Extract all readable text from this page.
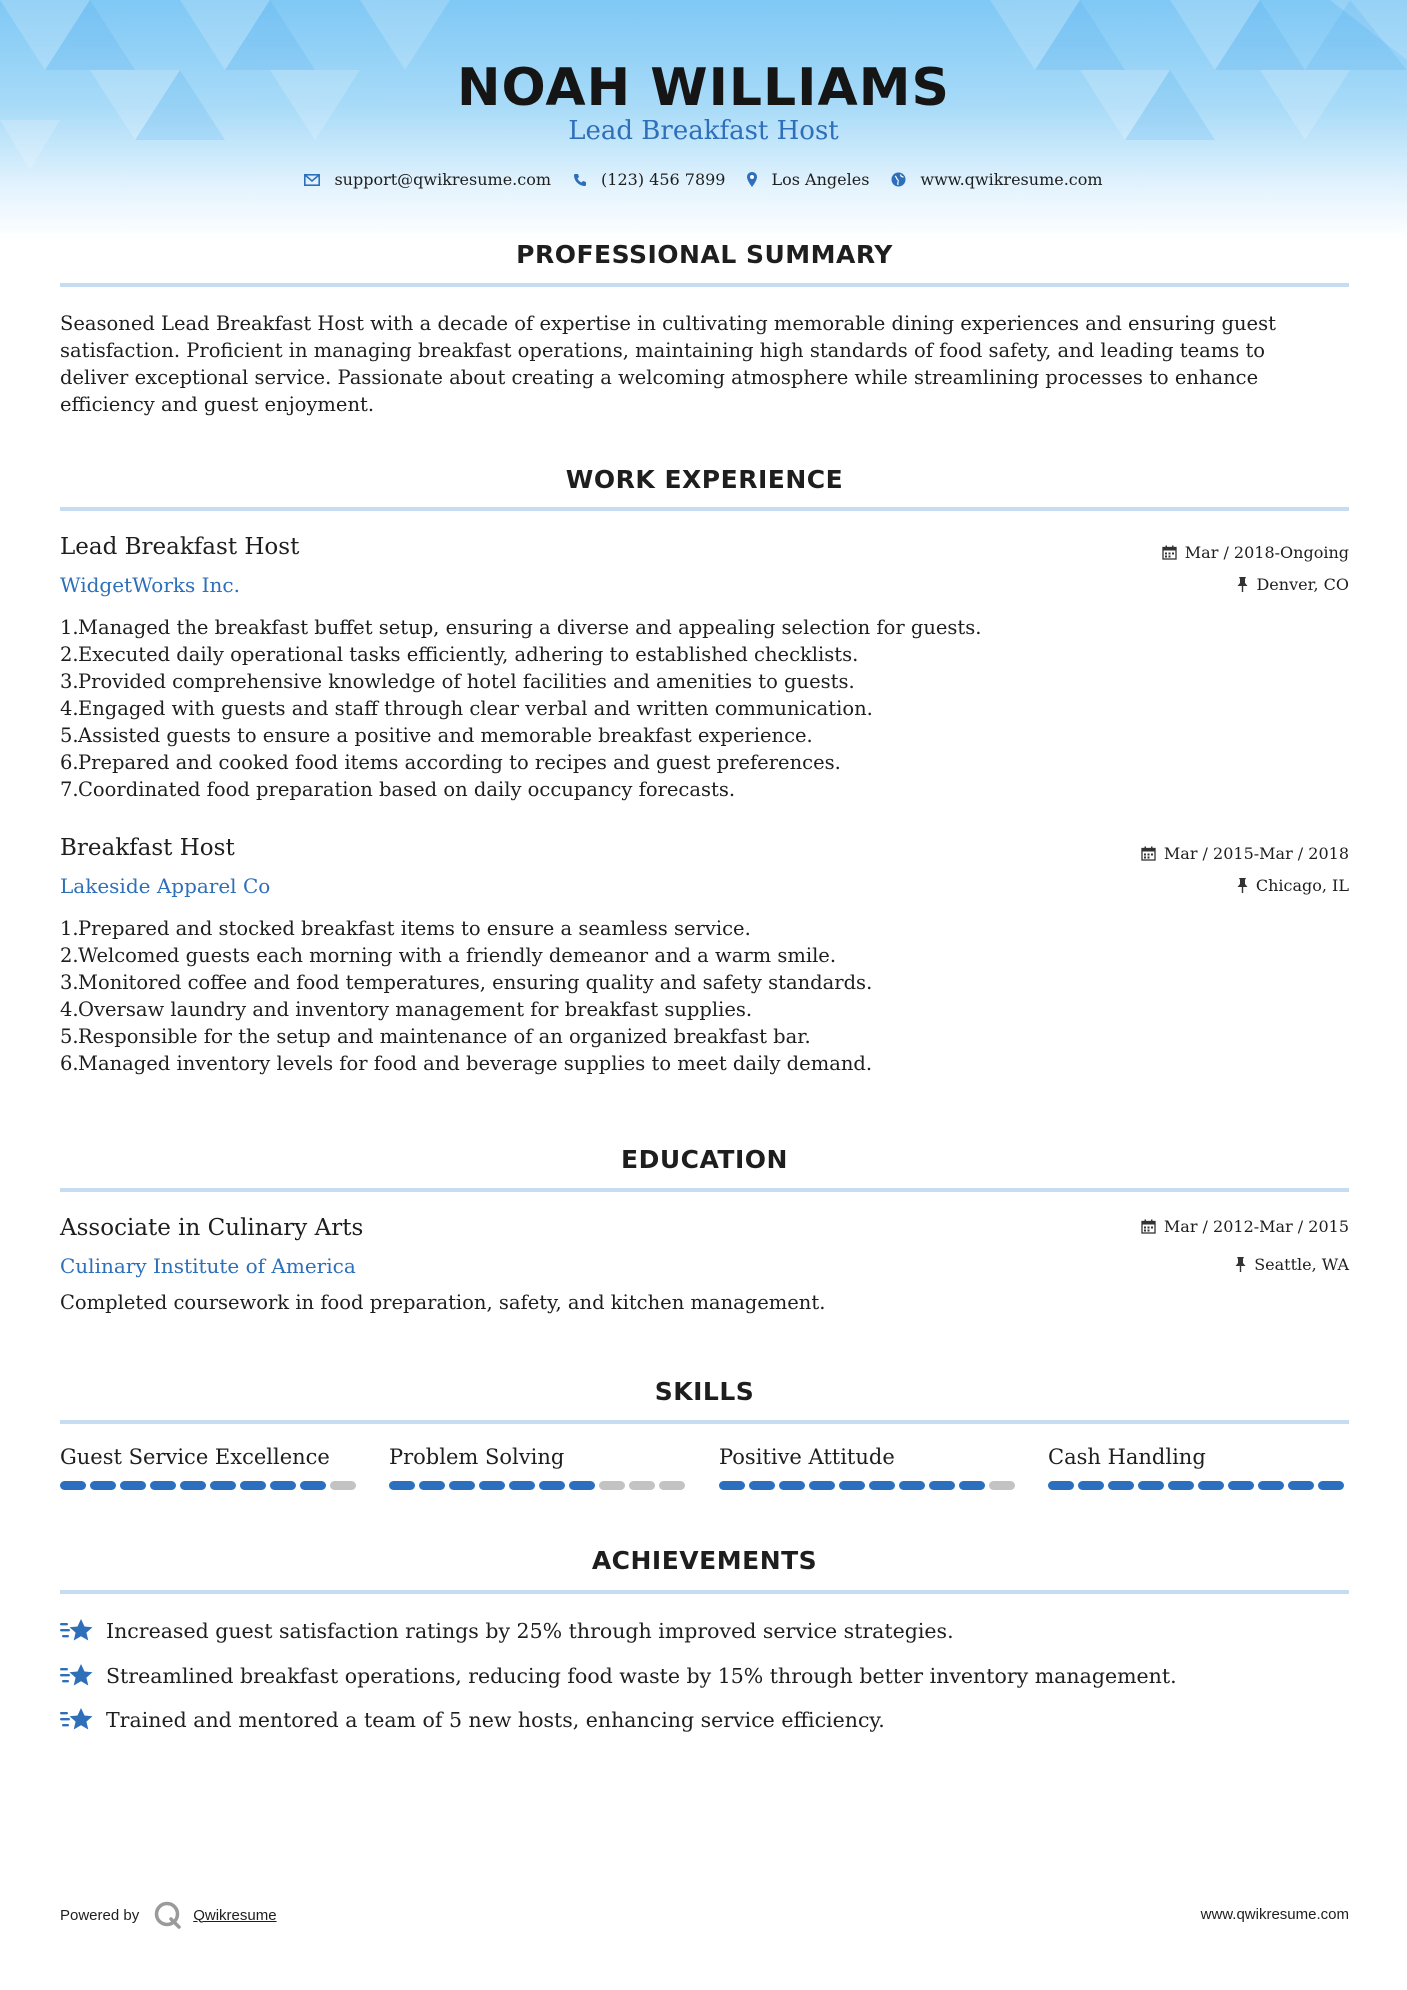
NOAH WILLIAMS
Lead Breakfast Host
support@qwikresume.com	(123) 456 7899	Los Angeles	www.qwikresume.com
PROFESSIONAL SUMMARY
Seasoned Lead Breakfast Host with a decade of expertise in cultivating memorable dining experiences and ensuring guest
satisfaction. Proficient in managing breakfast operations, maintaining high standards of food safety, and leading teams to
deliver exceptional service. Passionate about creating a welcoming atmosphere while streamlining processes to enhance
efficiency and guest enjoyment.
WORK EXPERIENCE
Lead Breakfast Host
WidgetWorks Inc.
Mar / 2018-Ongoing
Denver, CO
1. Managed the breakfast buffet setup, ensuring a diverse and appealing selection for guests.
2. Executed daily operational tasks efficiently, adhering to established checklists.
3. Provided comprehensive knowledge of hotel facilities and amenities to guests.
4. Engaged with guests and staff through clear verbal and written communication.
5. Assisted guests to ensure a positive and memorable breakfast experience.
6. Prepared and cooked food items according to recipes and guest preferences.
7. Coordinated food preparation based on daily occupancy forecasts.
Breakfast Host
Lakeside Apparel Co
Mar / 2015-Mar / 2018
Chicago, IL
1. Prepared and stocked breakfast items to ensure a seamless service.
2. Welcomed guests each morning with a friendly demeanor and a warm smile.
3. Monitored coffee and food temperatures, ensuring quality and safety standards.
4. Oversaw laundry and inventory management for breakfast supplies.
5. Responsible for the setup and maintenance of an organized breakfast bar.
6. Managed inventory levels for food and beverage supplies to meet daily demand.
EDUCATION
Associate in Culinary Arts
Culinary Institute of America
Mar / 2012-Mar / 2015
Seattle, WA
Completed coursework in food preparation, safety, and kitchen management.
SKILLS
Guest Service Excellence	Problem Solving	Positive Attitude	Cash Handling
ACHIEVEMENTS
Increased guest satisfaction ratings by 25% through improved service strategies.
Streamlined breakfast operations, reducing food waste by 15% through better inventory management.
Trained and mentored a team of 5 new hosts, enhancing service efficiency.
Powered by	Qwikresume	www.qwikresume.com
